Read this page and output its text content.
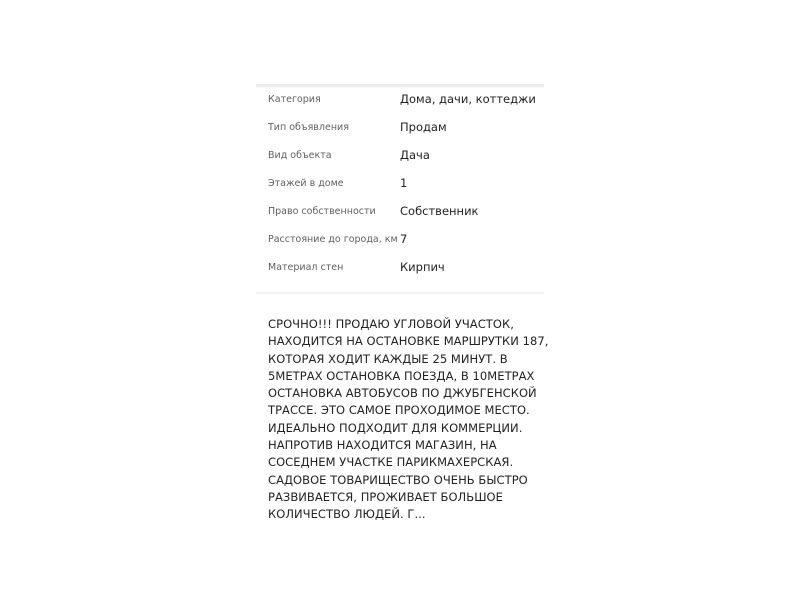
Категория	Дома, дачи, коттеджи
Тип объявления	Продам
Вид объекта	Дача
Этажей в доме	1
Право собственности Собственник
Расстояние до города, км 7
Материал стен	Кирпич
СРОЧНО!!! ПРОДАЮ УГЛОВОЙ УЧАСТОК,
НАХОДИТСЯ НА ОСТАНОВКЕ МАРШРУТКИ 187,
КОТОРАЯ ХОДИТ КАЖДЫЕ 25 МИНУТ. В
5МЕТРАХ ОСТАНОВКА ПОЕЗДА, В 10МЕТРАХ
ОСТАНОВКА АВТОБУСОВ ПО ДЖУБГЕНСКОЙ
ТРАССЕ. ЭТО САМОЕ ПРОХОДИМОЕ МЕСТО.
ИДЕАЛЬНО ПОДХОДИТ ДЛЯ КОММЕРЦИИ.
НАПРОТИВ НАХОДИТСЯ МАГАЗИН, НА
СОСЕДНЕМ УЧАСТКЕ ПАРИКМАХЕРСКАЯ.
САДОВОЕ ТОВАРИЩЕСТВО ОЧЕНЬ БЫСТРО
РАЗВИВАЕТСЯ, ПРОЖИВАЕТ БОЛЬШОЕ
КОЛИЧЕСТВО ЛЮДЕЙ. Г...
